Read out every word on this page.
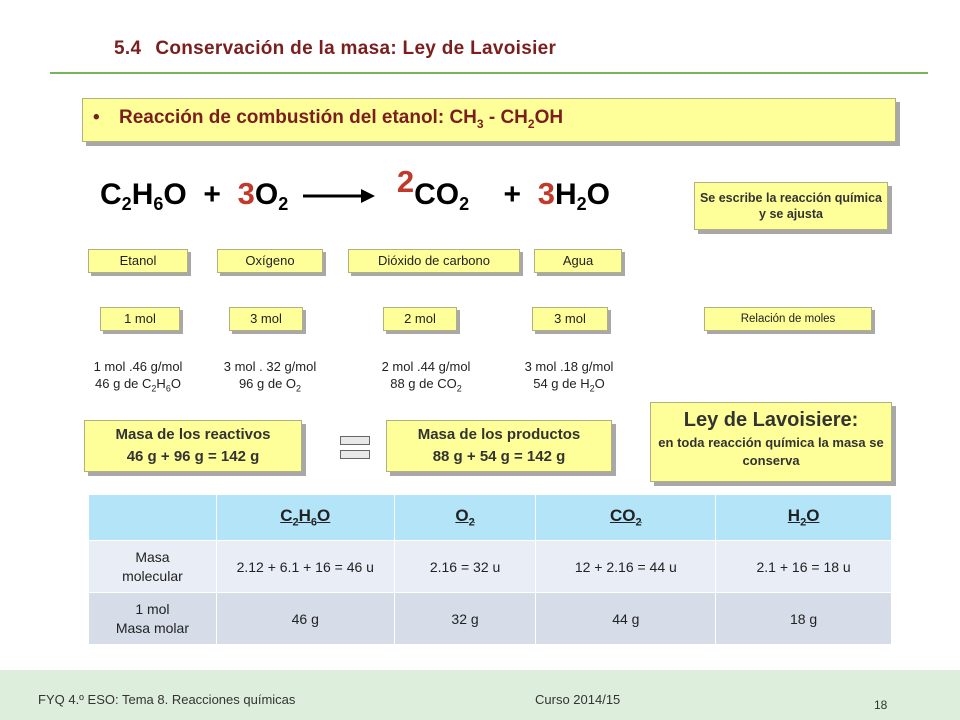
5.4 Conservación de la masa: Ley de Lavoisier
• Reacción de combustión del etanol: $CH_3 - CH_2OH$
$C_2H_6O + 3O_2 \to 2CO_2 + 3H_2O$	Se escribe la reacción química y se ajusta
Etanol	Oxígeno	Dióxido de carbono	Agua
1 mol	3 mol	2 mol	3 mol	Relación de moles
1 mol .46 g/mol
46 g de $C_2H_6O$
3 mol . 32 g/mol
96 g de $O_2$
2 mol .44 g/mol
88 g de $CO_2$
3 mol .18 g/mol
54 g de $H_2O$
Masa de los reactivos
46 g + 96 g = 142 g
Masa de los productos
88 g + 54 g = 142 g
Ley de Lavoisiere:
en toda reacción química la masa se conserva
	$C_2H_6O$	$O_2$	$CO_2$	$H_2O$

Masa
molecular	2.12 + 6.1 + 16 = 46 u	2.16 = 32 u	12 + 2.16 = 44 u	2.1 + 16 = 18 u

1 mol
Masa molar	46 g	32 g	44 g	18 g
FYQ 4.º ESO: Tema 8. Reacciones químicas	Curso 2014/15	18
